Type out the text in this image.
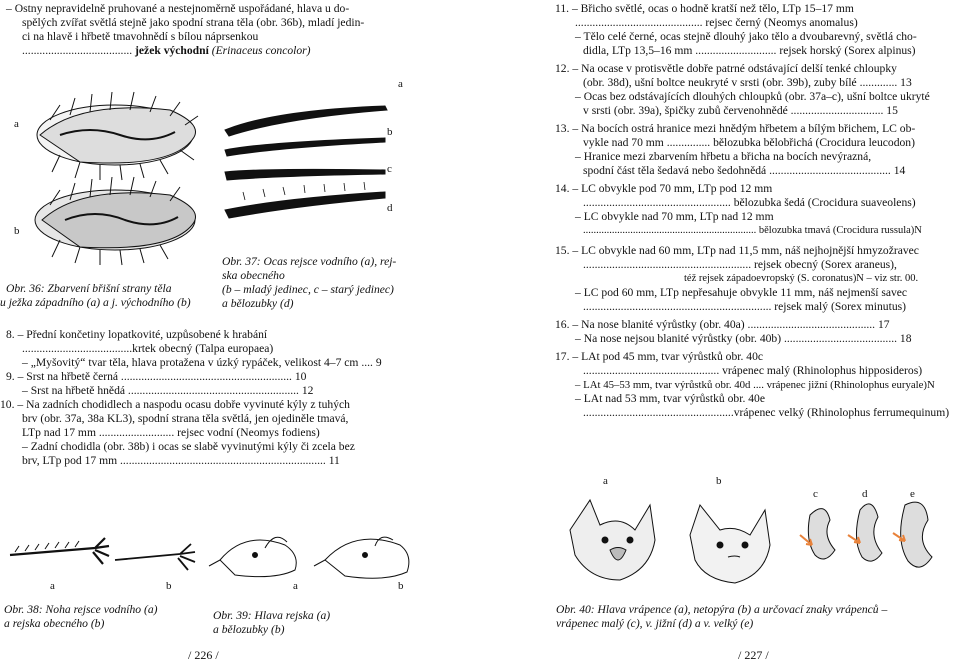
– Ostny nepravidelně pruhované a nestejnoměrně uspořádané, hlava u do-
spělých zvířat světlá stejně jako spodní strana těla (obr. 36b), mladí jedin-
ci na hlavě i hřbetě tmavohnědí s bílou náprsenkou
...................................... ježek východní (Erinaceus concolor)
a
b
Obr. 36: Zbarvení břišní strany těla
u ježka západního (a) a j. východního (b)
a
b
c
d
Obr. 37: Ocas rejsce vodního (a), rej-
ska obecného
(b – mladý jedinec, c – starý jedinec)
a bělozubky (d)
8. – Přední končetiny lopatkovité, uzpůsobené k hrabání
......................................krtek obecný (Talpa europaea)
– „Myšovitý“ tvar těla, hlava protažena v úzký rypáček, velikost 4–7 cm .... 9
9. – Srst na hřbetě černá ........................................................... 10
– Srst na hřbetě hnědá ........................................................... 12
10. – Na zadních chodidlech a naspodu ocasu dobře vyvinuté kýly z tuhých
brv (obr. 37a, 38a KL3), spodní strana těla světlá, jen ojediněle tmavá,
LTp nad 17 mm .......................... rejsec vodní (Neomys fodiens)
– Zadní chodidla (obr. 38b) i ocas se slabě vyvinutými kýly či zcela bez
brv, LTp pod 17 mm ....................................................................... 11
a	b
Obr. 38: Noha rejsce vodního (a)
a rejska obecného (b)
a	b
Obr. 39: Hlava rejska (a)
a bělozubky (b)
/ 226 /
11. – Břicho světlé, ocas o hodně kratší než tělo, LTp 15–17 mm
............................................ rejsec černý (Neomys anomalus)
– Tělo celé černé, ocas stejně dlouhý jako tělo a dvoubarevný, světlá cho-
didla, LTp 13,5–16 mm ............................ rejsek horský (Sorex alpinus)
12. – Na ocase v protisvětle dobře patrné odstávající delší tenké chloupky
(obr. 38d), ušní boltce neukryté v srsti (obr. 39b), zuby bílé ............. 13
– Ocas bez odstávajících dlouhých chloupků (obr. 37a–c), ušní boltce ukryté
v srsti (obr. 39a), špičky zubů červenohnědé ................................ 15
13. – Na bocích ostrá hranice mezi hnědým hřbetem a bílým břichem, LC ob-
vykle nad 70 mm ............... bělozubka bělobřichá (Crocidura leucodon)
– Hranice mezi zbarvením hřbetu a břicha na bocích nevýrazná,
spodní část těla šedavá nebo šedohnědá .......................................... 14
14. – LC obvykle pod 70 mm, LTp pod 12 mm
................................................... bělozubka šedá (Crocidura suaveolens)
– LC obvykle nad 70 mm, LTp nad 12 mm
.................................................................. bělozubka tmavá (Crocidura russula)N
15. – LC obvykle nad 60 mm, LTp nad 11,5 mm, náš nejhojnější hmyzožravec
.......................................................... rejsek obecný (Sorex araneus),
též rejsek západoevropský (S. coronatus)N – viz str. 00.
– LC pod 60 mm, LTp nepřesahuje obvykle 11 mm, náš nejmenší savec
................................................................. rejsek malý (Sorex minutus)
16. – Na nose blanité výrůstky (obr. 40a) ............................................ 17
– Na nose nejsou blanité výrůstky (obr. 40b) ....................................... 18
17. – LAt pod 45 mm, tvar výrůstků obr. 40c
............................................... vrápenec malý (Rhinolophus hipposideros)
– LAt 45–53 mm, tvar výrůstků obr. 40d .... vrápenec jižní (Rhinolophus euryale)N
– LAt nad 53 mm, tvar výrůstků obr. 40e
....................................................vrápenec velký (Rhinolophus ferrumequinum)
a	b
c	d	e
Obr. 40: Hlava vrápence (a), netopýra (b) a určovací znaky vrápenců –
vrápenec malý (c), v. jižní (d) a v. velký (e)
/ 227 /
